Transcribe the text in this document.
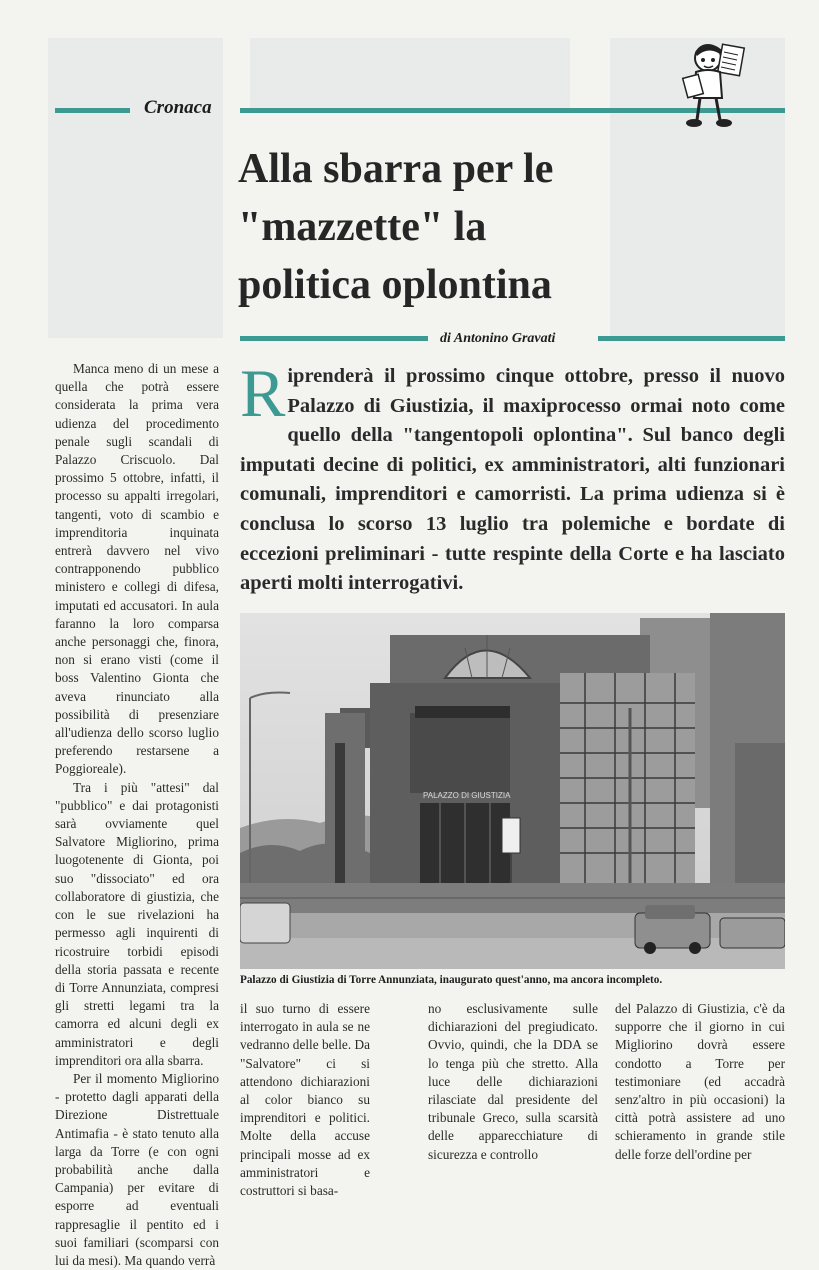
Cronaca
Alla sbarra per le "mazzette" la politica oplontina
di Antonino Gravati

Riprenderà il prossimo cinque ottobre, presso il nuovo Palazzo di Giustizia, il maxiprocesso ormai noto come quello della "tangentopoli oplontina". Sul banco degli imputati decine di politici, ex amministratori, alti funzionari comunali, imprenditori e camorristi. La prima udienza si è conclusa lo scorso 13 luglio tra polemiche e bordate di eccezioni preliminari - tutte respinte della Corte e ha lasciato aperti molti interrogativi.

Manca meno di un mese a quella che potrà essere considerata la prima vera udienza del procedimento penale sugli scandali di Palazzo Criscuolo. Dal prossimo 5 ottobre, infatti, il processo su appalti irregolari, tangenti, voto di scambio e imprenditoria inquinata entrerà davvero nel vivo contrapponendo pubblico ministero e collegi di difesa, imputati ed accusatori. In aula faranno la loro comparsa anche personaggi che, finora, non si erano visti (come il boss Valentino Gionta che aveva rinunciato alla possibilità di presenziare all'udienza dello scorso luglio preferendo restarsene a Poggioreale).

Tra i più "attesi" dal "pubblico" e dai protagonisti sarà ovviamente quel Salvatore Migliorino, prima luogotenente di Gionta, poi suo "dissociato" ed ora collaboratore di giustizia, che con le sue rivelazioni ha permesso agli inquirenti di ricostruire torbidi episodi della storia passata e recente di Torre Annunziata, compresi gli stretti legami tra la camorra ed alcuni degli ex amministratori e degli imprenditori ora alla sbarra.

Per il momento Migliorino - protetto dagli apparati della Direzione Distrettuale Antimafia - è stato tenuto alla larga da Torre (e con ogni probabilità anche dalla Campania) per evitare di esporre ad eventuali rappresaglie il pentito ed i suoi familiari (scomparsi con lui da mesi). Ma quando verrà

PALAZZO DI GIUSTIZIA
Palazzo di Giustizia di Torre Annunziata, inaugurato quest'anno, ma ancora incompleto.

il suo turno di essere interrogato in aula se ne vedranno delle belle. Da "Salvatore" ci si attendono dichiarazioni al color bianco su imprenditori e politici. Molte della accuse principali mosse ad ex amministratori e costruttori si basa-

no esclusivamente sulle dichiarazioni del pregiudicato. Ovvio, quindi, che la DDA se lo tenga più che stretto. Alla luce delle dichiarazioni rilasciate dal presidente del tribunale Greco, sulla scarsità delle apparecchiature di sicurezza e controllo

del Palazzo di Giustizia, c'è da supporre che il giorno in cui Migliorino dovrà essere condotto a Torre per testimoniare (ed accadrà senz'altro in più occasioni) la città potrà assistere ad uno schieramento in grande stile delle forze dell'ordine per
